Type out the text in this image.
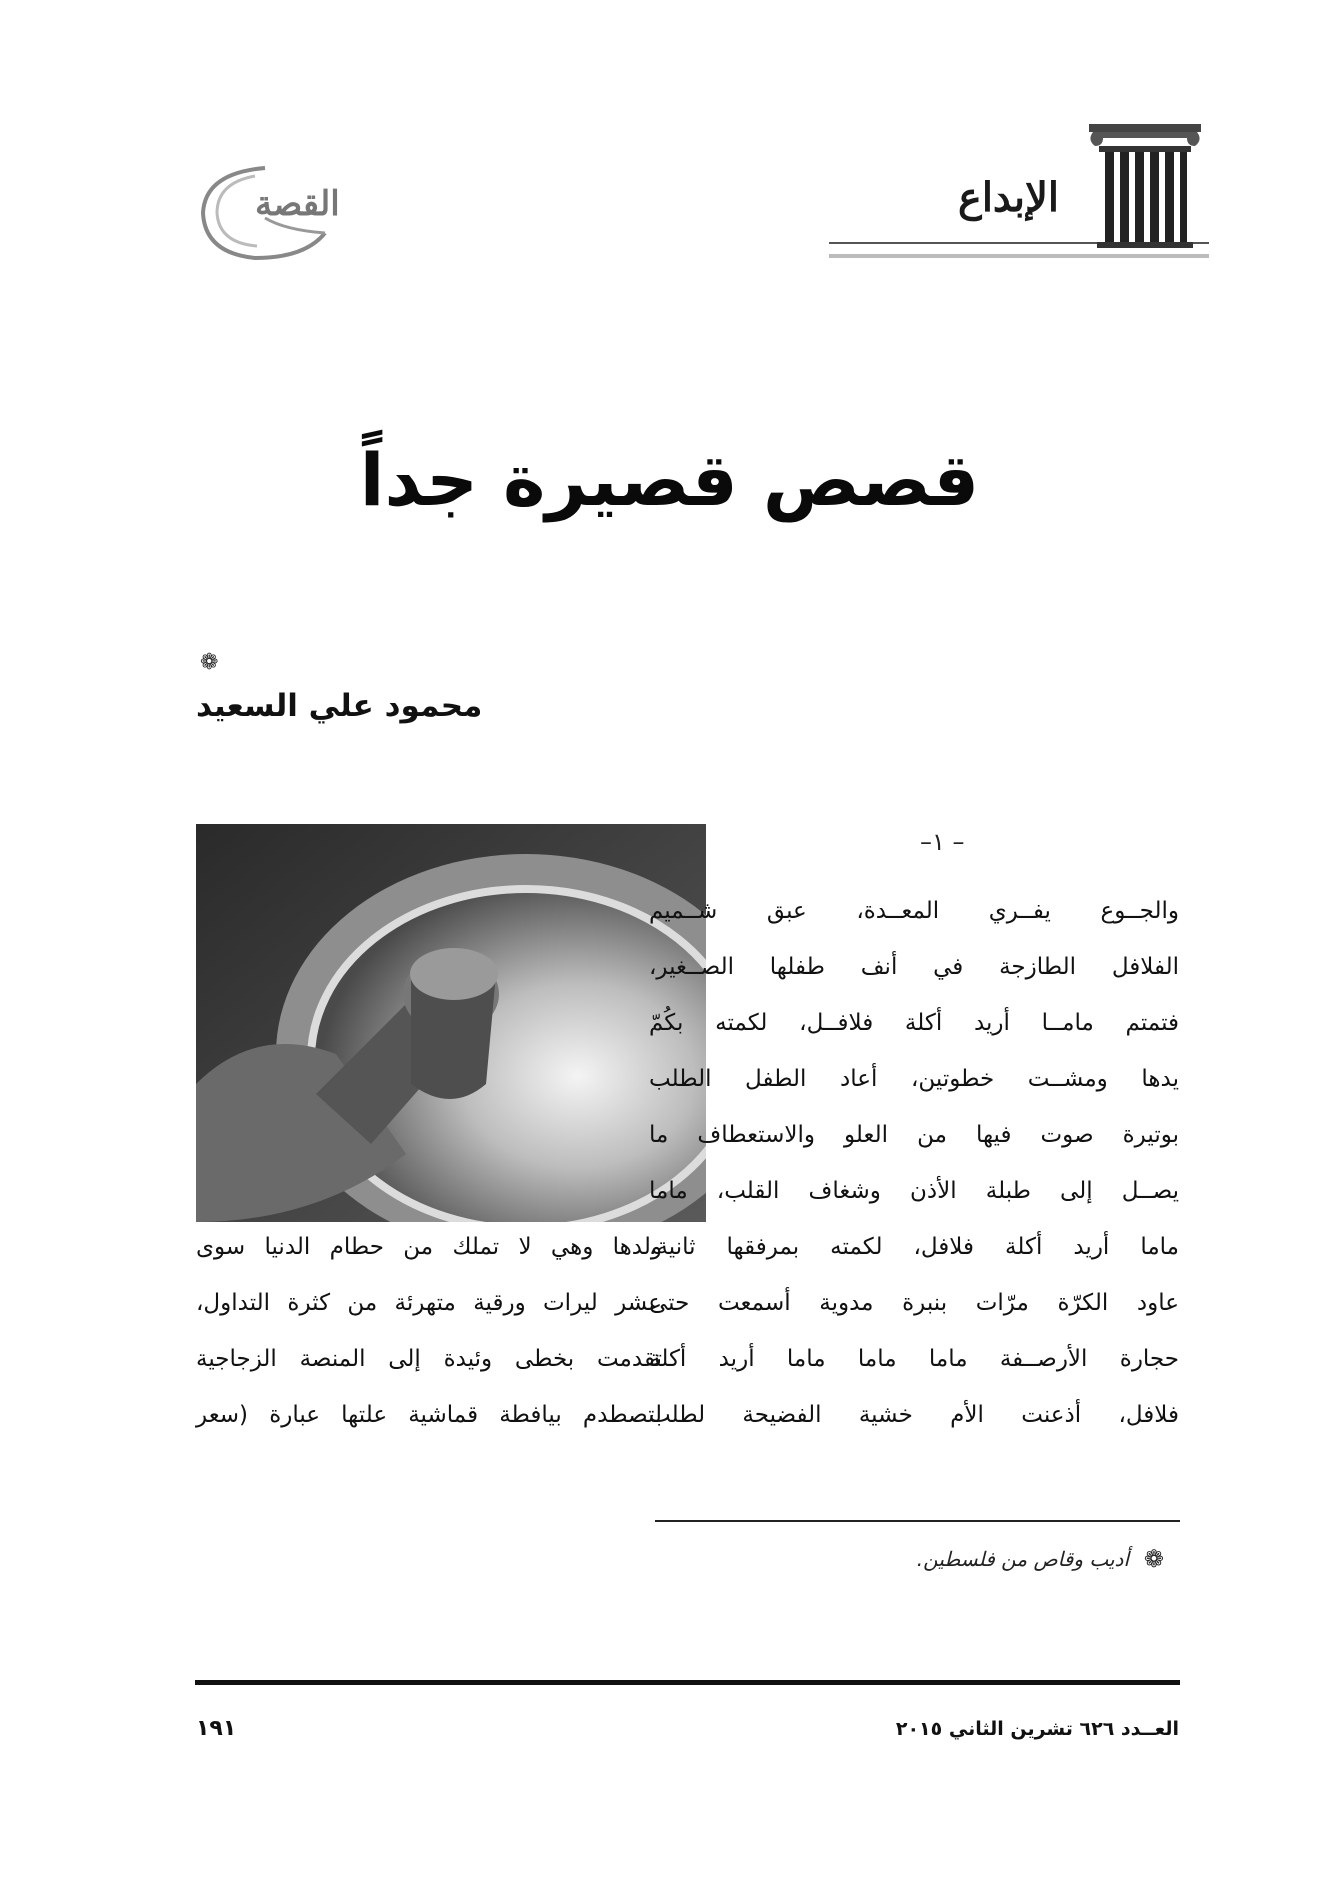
الإبداع
القصة
قصص قصيرة جداً
❁
محمود علي السعيد
– ١–
والجــوع يفــري المعــدة، عبق شــميم
الفلافل الطازجة في أنف طفلها الصــغير،
فتمتم مامــا أريد أكلة فلافــل، لكمته بكُمّ
يدها ومشــت خطوتين، أعاد الطفل الطلب
بوتيرة صوت فيها من العلو والاستعطاف ما
يصــل إلى طبلة الأذن وشغاف القلب، ماما
ماما أريد أكلة فلافل، لكمته بمرفقها ثانية،
عاود الكرّة مرّات بنبرة مدوية أسمعت حتى
حجارة الأرصــفة ماما ماما ماما أريد أكلة
فلافل، أذعنت الأم خشية الفضيحة لطلب
ولدها وهي لا تملك من حطام الدنيا سوى
عشر ليرات ورقية متهرئة من كثرة التداول،
تقدمت بخطى وئيدة إلى المنصة الزجاجية
لتصطدم بيافطة قماشية علتها عبارة (سعر
❁
أديب وقاص من فلسطين.
العــدد ٦٢٦ تشرين الثاني ٢٠١٥
١٩١
